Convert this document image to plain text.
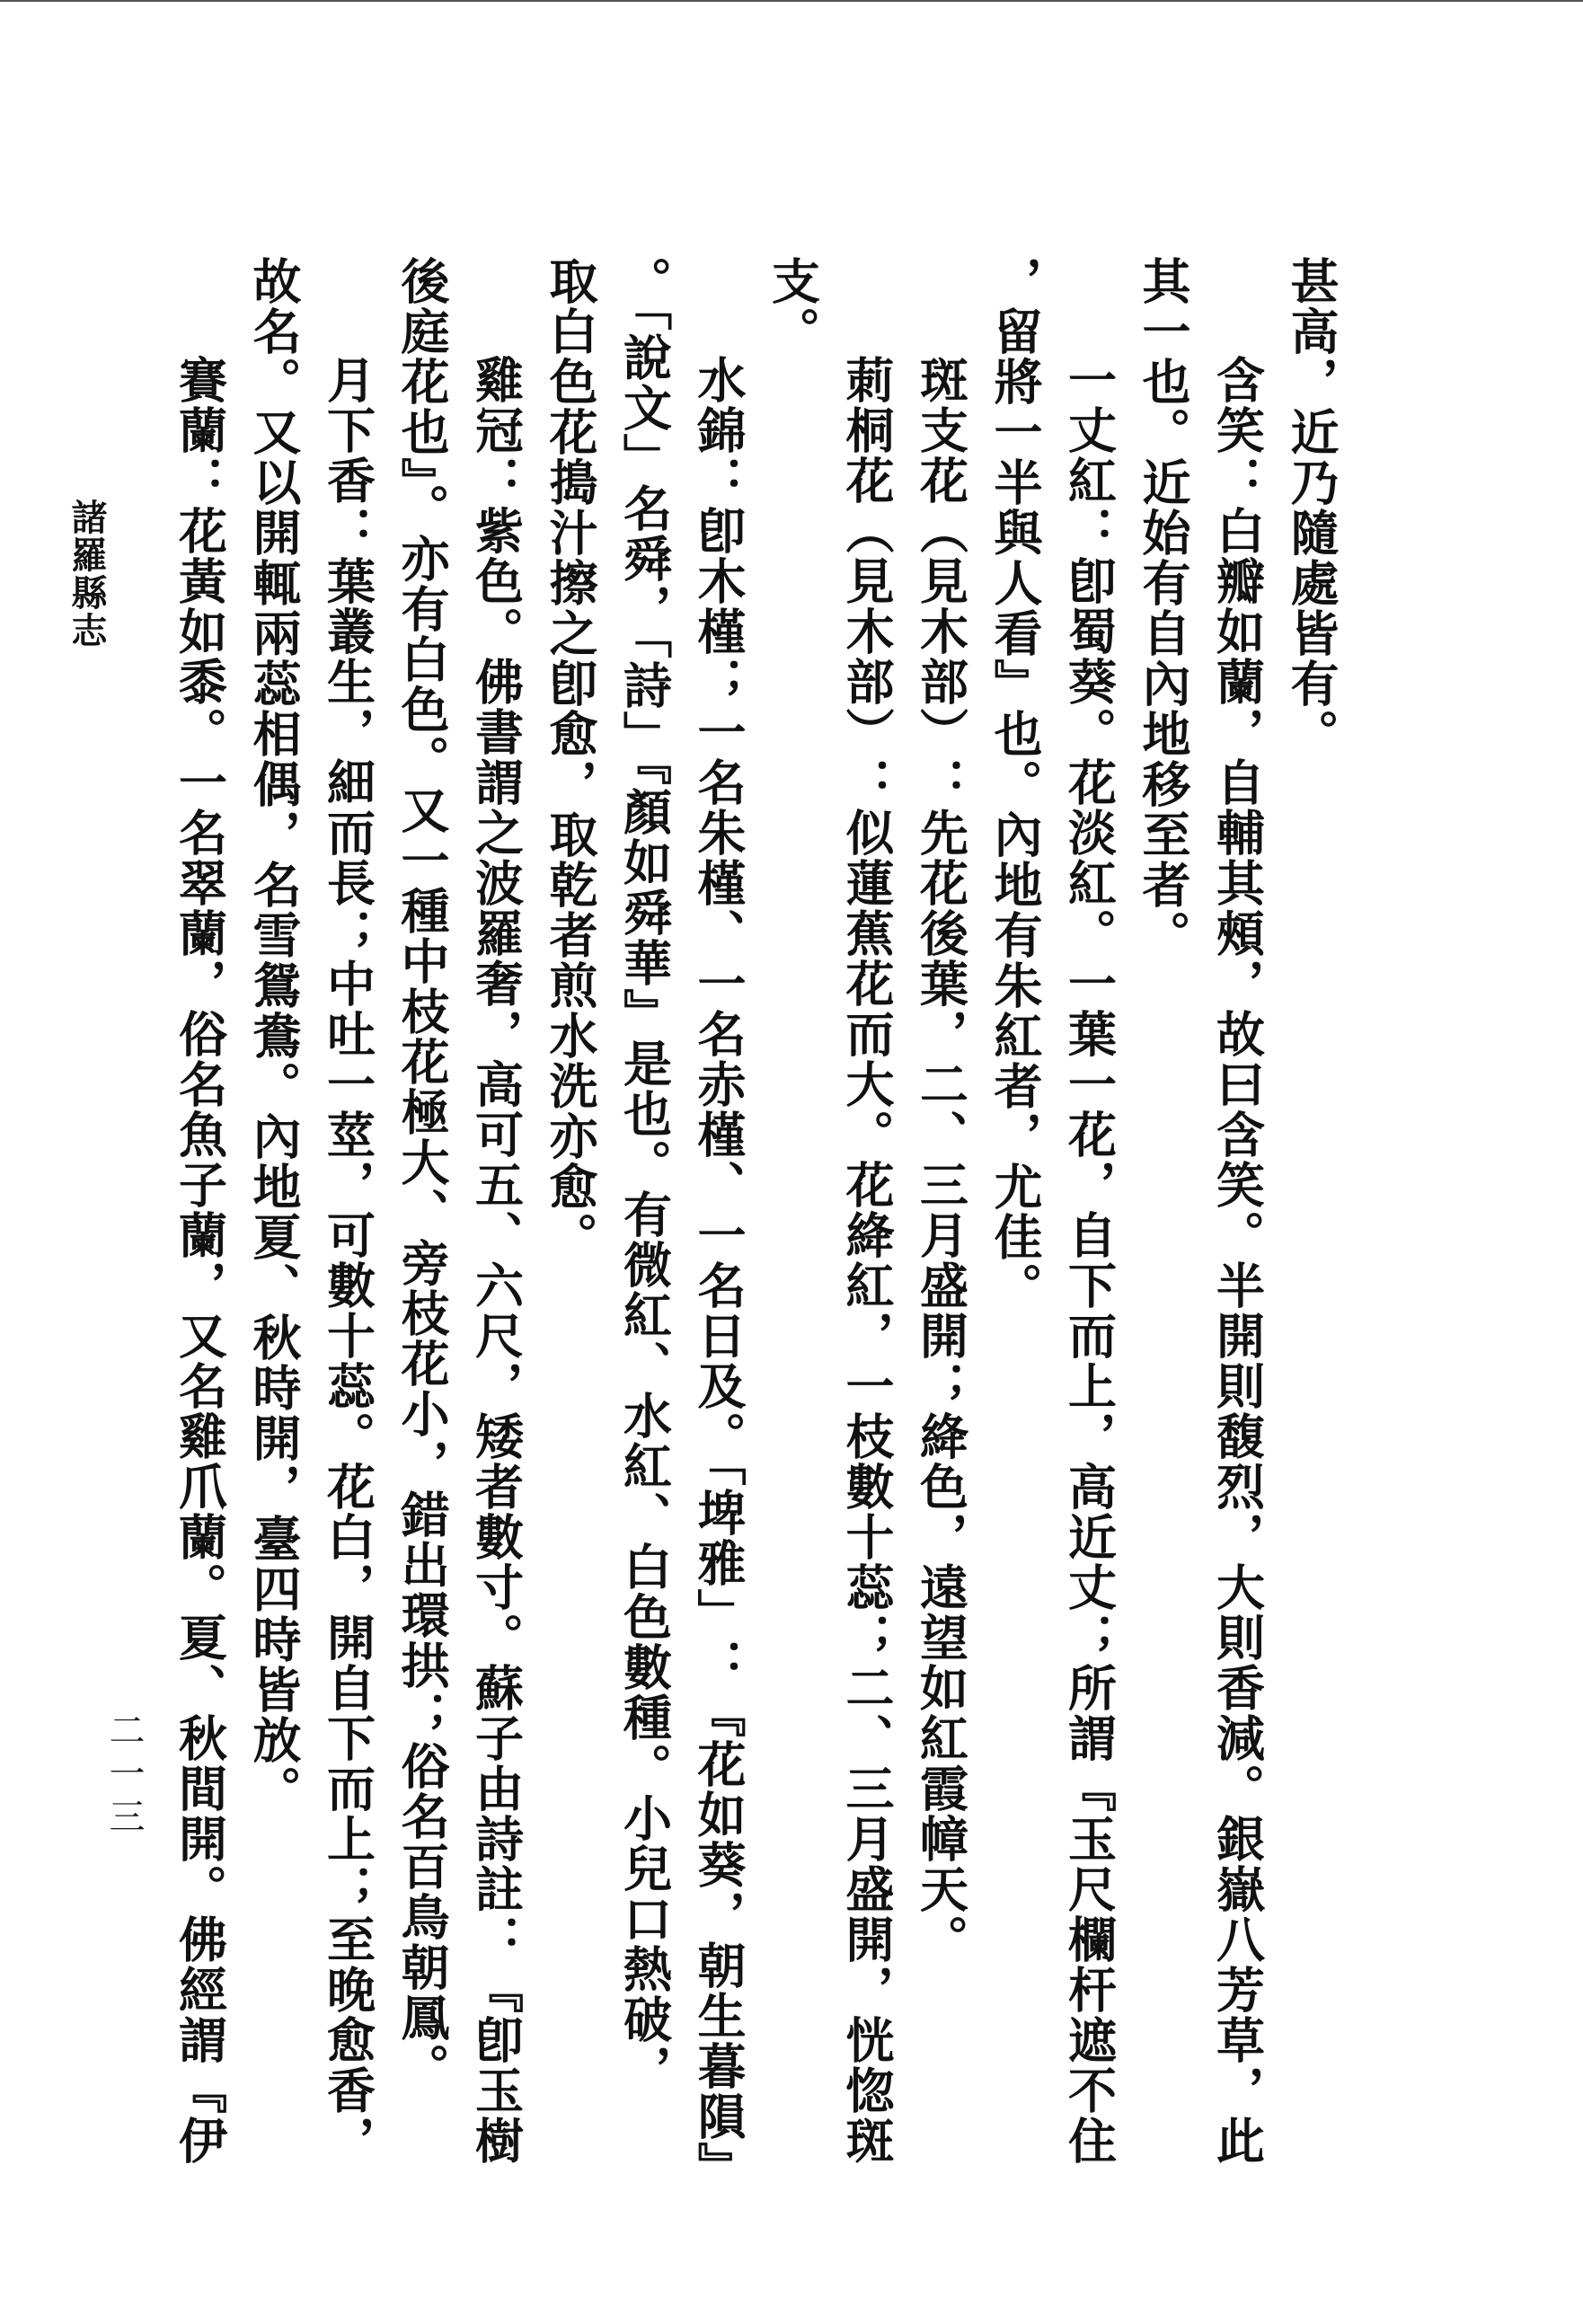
甚高，近乃隨處皆有。
含笑：白瓣如蘭，自輔其頰，故曰含笑。半開則馥烈，大則香減。銀嶽八芳草，此
其一也。近始有自內地移至者。
一丈紅：卽蜀葵。花淡紅。一葉一花，自下而上，高近丈；所謂『玉尺欄杆遮不住
，留將一半與人看』也。內地有朱紅者，尤佳。
斑支花（見木部）：先花後葉，二、三月盛開；絳色，遠望如紅霞幛天。
莿桐花（見木部）：似蓮蕉花而大。花絳紅，一枝數十蕊；二、三月盛開，恍惚斑
支。
水錦：卽木槿；一名朱槿、一名赤槿、一名日及。「埤雅」：『花如葵，朝生暮隕』
。「說文」名舜，「詩」『顏如舜華』是也。有微紅、水紅、白色數種。小兒口熱破，
取白色花搗汁擦之卽愈，取乾者煎水洗亦愈。
雞冠：紫色。佛書謂之波羅奢，高可五、六尺，矮者數寸。蘇子由詩註：『卽玉樹
後庭花也』。亦有白色。又一種中枝花極大、旁枝花小，錯出環拱；俗名百鳥朝鳳。
月下香：葉叢生，細而長；中吐一莖，可數十蕊。花白，開自下而上；至晚愈香，
故名。又以開輒兩蕊相偶，名雪鴛鴦。內地夏、秋時開，臺四時皆放。
賽蘭：花黃如黍。一名翠蘭，俗名魚子蘭，又名雞爪蘭。夏、秋間開。佛經謂『伊
諸羅縣志
二一三
